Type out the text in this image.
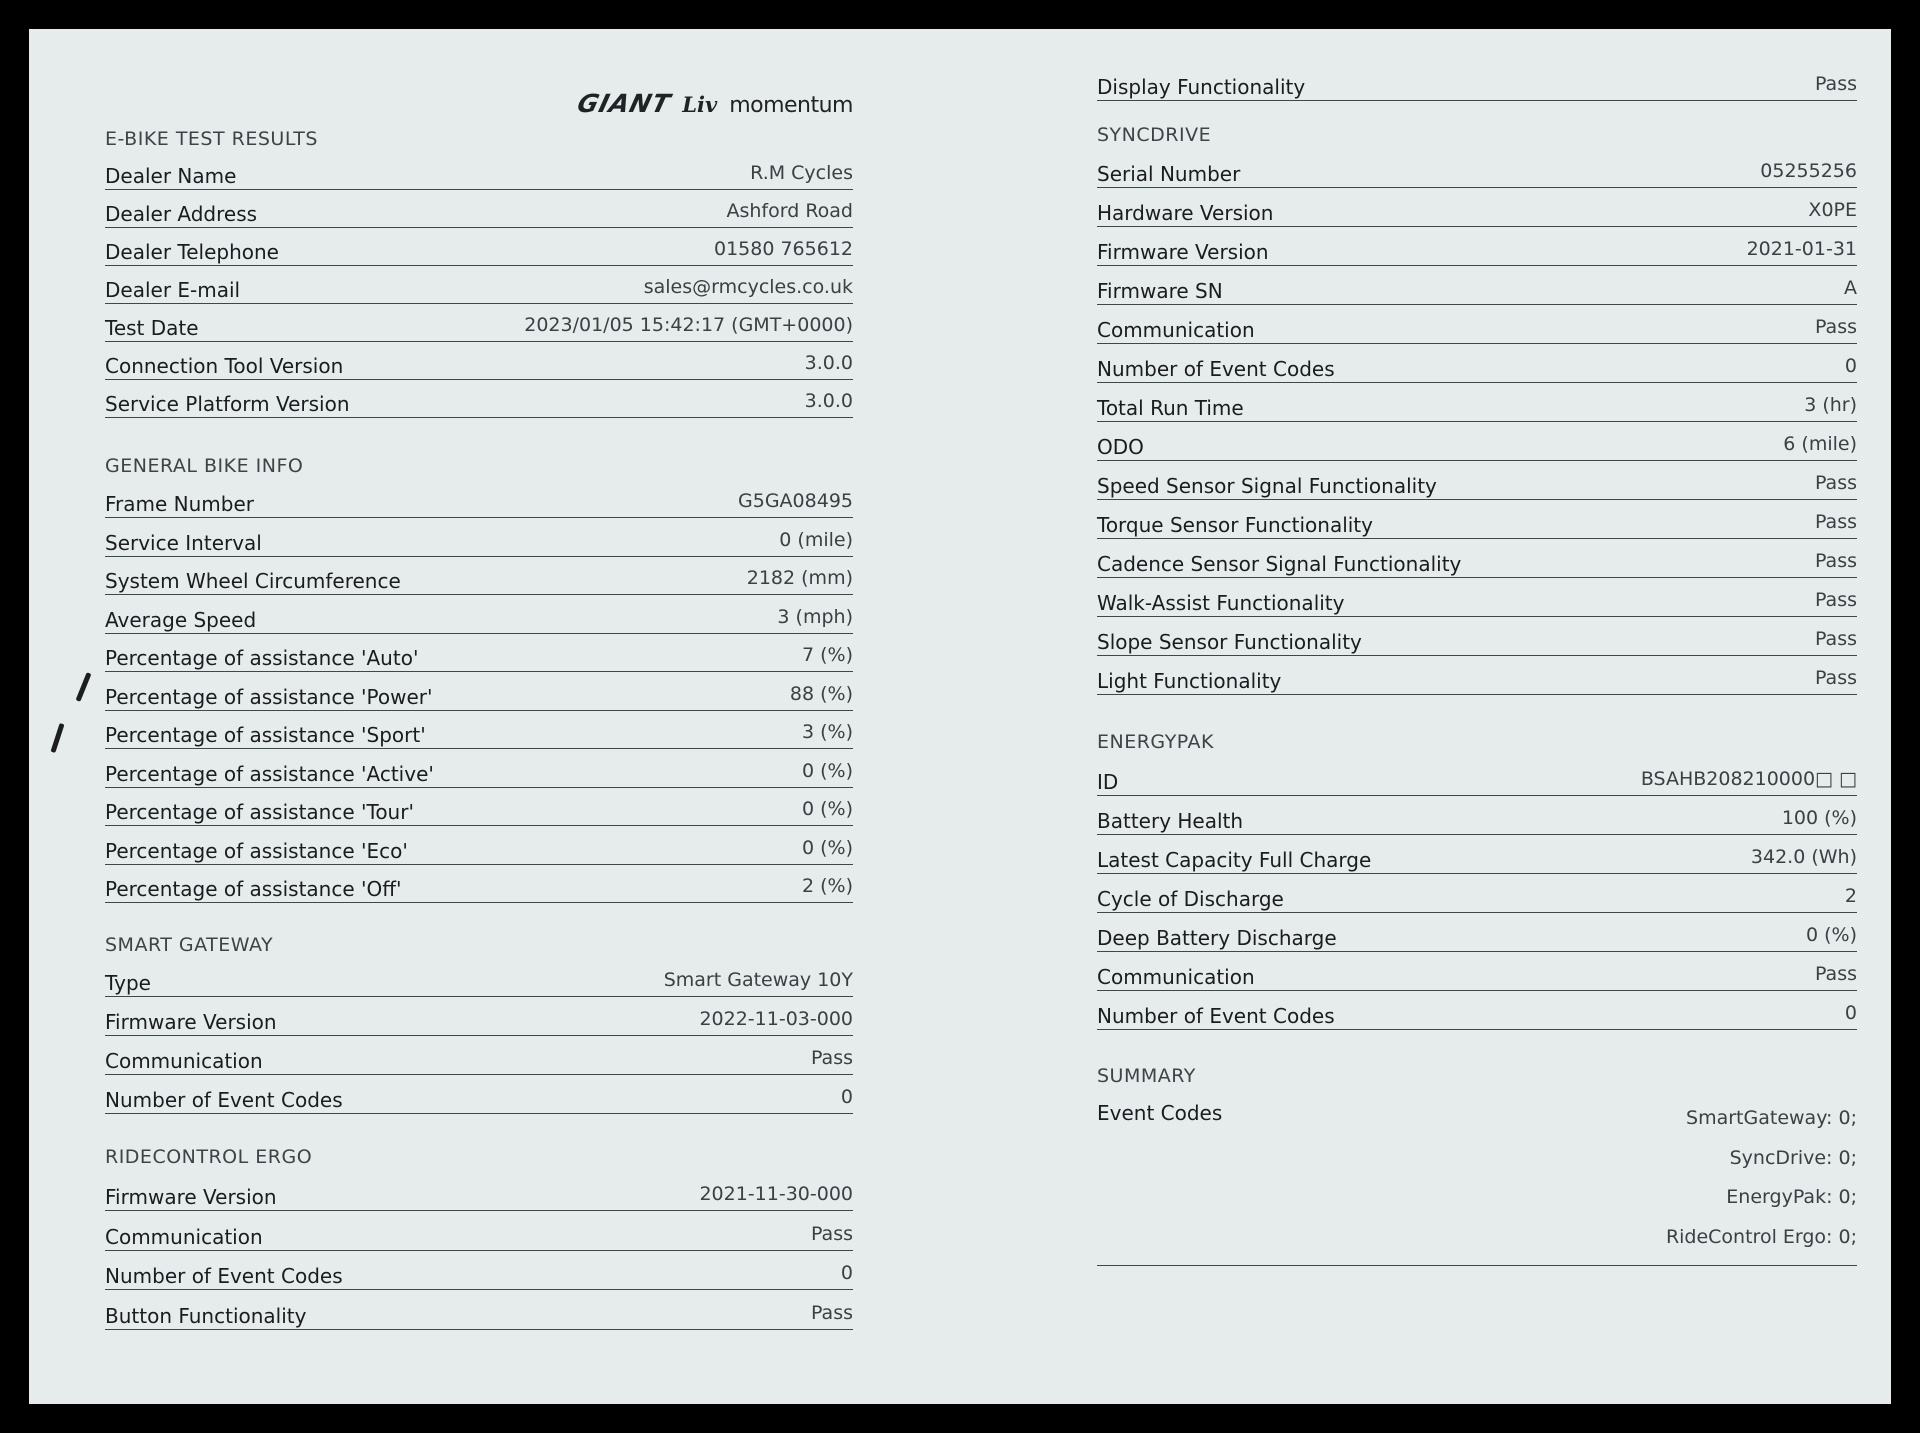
GIANT Liv momentum
E-BIKE TEST RESULTS
Dealer Name	R.M Cycles
Dealer Address	Ashford Road
Dealer Telephone	01580 765612
Dealer E-mail	sales@rmcycles.co.uk
Test Date	2023/01/05 15:42:17 (GMT+0000)
Connection Tool Version	3.0.0
Service Platform Version	3.0.0
GENERAL BIKE INFO
Frame Number	G5GA08495
Service Interval	0 (mile)
System Wheel Circumference	2182 (mm)
Average Speed	3 (mph)
Percentage of assistance 'Auto'	7 (%)
Percentage of assistance 'Power'	88 (%)
Percentage of assistance 'Sport'	3 (%)
Percentage of assistance 'Active'	0 (%)
Percentage of assistance 'Tour'	0 (%)
Percentage of assistance 'Eco'	0 (%)
Percentage of assistance 'Off'	2 (%)
SMART GATEWAY
Type	Smart Gateway 10Y
Firmware Version	2022-11-03-000
Communication	Pass
Number of Event Codes	0
RIDECONTROL ERGO
Firmware Version	2021-11-30-000
Communication	Pass
Number of Event Codes	0
Button Functionality	Pass
Display Functionality	Pass
SYNCDRIVE
Serial Number	05255256
Hardware Version	X0PE
Firmware Version	2021-01-31
Firmware SN	A
Communication	Pass
Number of Event Codes	0
Total Run Time	3 (hr)
ODO	6 (mile)
Speed Sensor Signal Functionality	Pass
Torque Sensor Functionality	Pass
Cadence Sensor Signal Functionality	Pass
Walk-Assist Functionality	Pass
Slope Sensor Functionality	Pass
Light Functionality	Pass
ENERGYPAK
ID	BSAHB208210000□ □
Battery Health	100 (%)
Latest Capacity Full Charge	342.0 (Wh)
Cycle of Discharge	2
Deep Battery Discharge	0 (%)
Communication	Pass
Number of Event Codes	0
SUMMARY
Event Codes	SmartGateway: 0;
SyncDrive: 0;
EnergyPak: 0;
RideControl Ergo: 0;
